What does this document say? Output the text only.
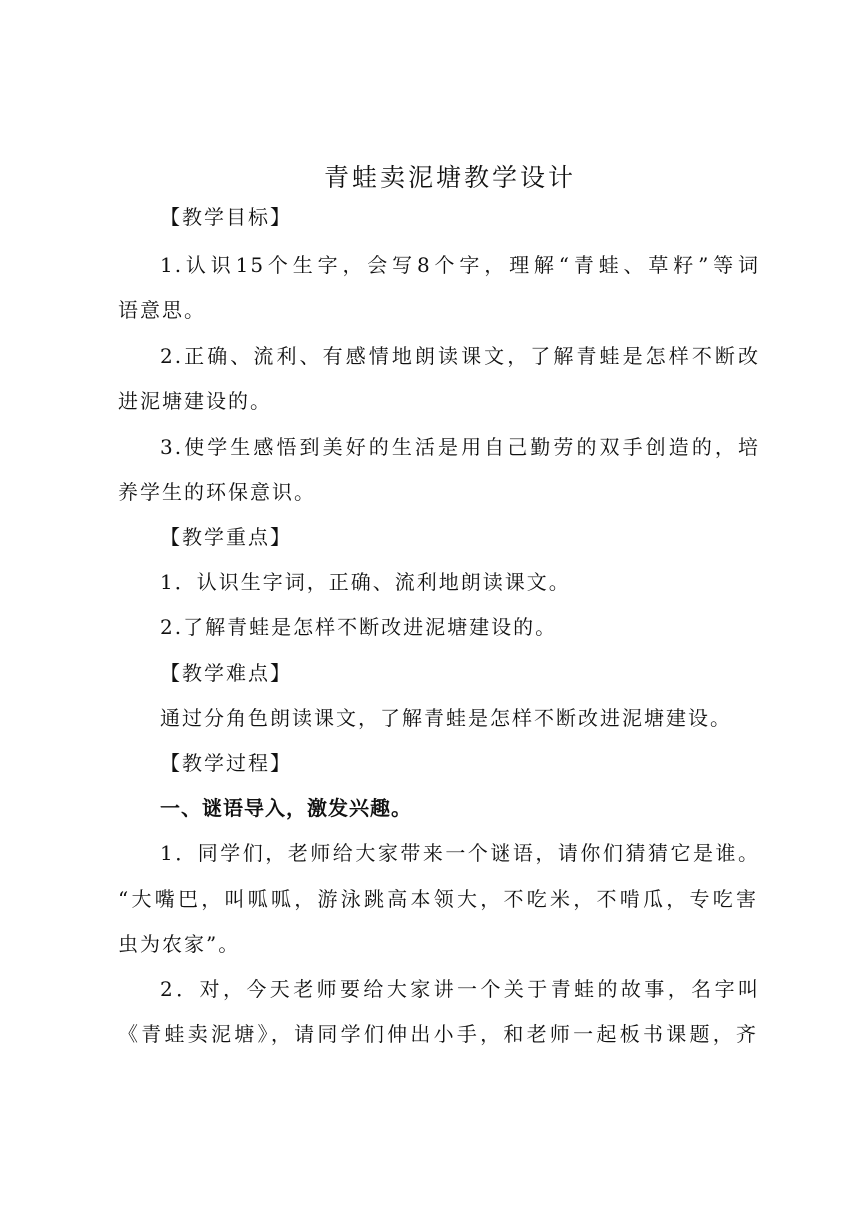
青蛙卖泥塘教学设计
【教学目标】
1.认识15个生字，会写8个字，理解“青蛙、草籽”等词
语意思。
2.正确、流利、有感情地朗读课文，了解青蛙是怎样不断改
进泥塘建设的。
3.使学生感悟到美好的生活是用自己勤劳的双手创造的，培
养学生的环保意识。
【教学重点】
1．认识生字词，正确、流利地朗读课文。
2.了解青蛙是怎样不断改进泥塘建设的。
【教学难点】
通过分角色朗读课文，了解青蛙是怎样不断改进泥塘建设。
【教学过程】
一、谜语导入，激发兴趣。
1．同学们，老师给大家带来一个谜语，请你们猜猜它是谁。
“大嘴巴，叫呱呱，游泳跳高本领大，不吃米，不啃瓜，专吃害
虫为农家”。
2．对，今天老师要给大家讲一个关于青蛙的故事，名字叫
《青蛙卖泥塘》，请同学们伸出小手，和老师一起板书课题，齐
